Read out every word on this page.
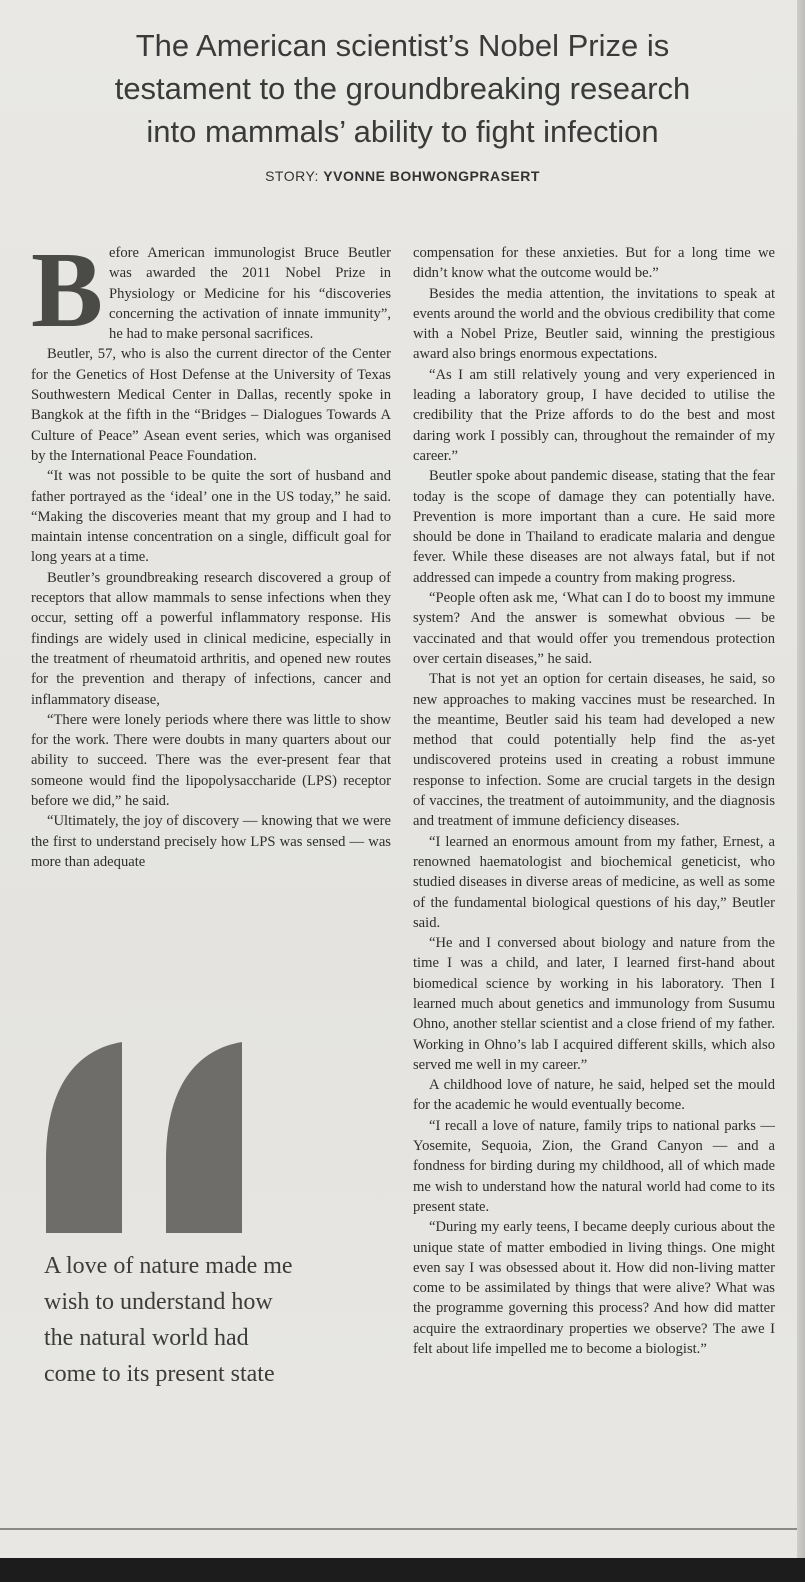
The American scientist’s Nobel Prize is
testament to the groundbreaking research
into mammals’ ability to fight infection
STORY: YVONNE BOHWONGPRASERT

Before American immunologist Bruce Beutler was awarded the 2011 Nobel Prize in Physiology or Medicine for his “discoveries concerning the activation of innate immunity”, he had to make personal sacrifices.

Beutler, 57, who is also the current director of the Center for the Genetics of Host Defense at the University of Texas Southwestern Medical Center in Dallas, recently spoke in Bangkok at the fifth in the “Bridges – Dialogues Towards A Culture of Peace” Asean event series, which was organised by the International Peace Foundation.

“It was not possible to be quite the sort of husband and father portrayed as the ‘ideal’ one in the US today,” he said. “Making the discoveries meant that my group and I had to maintain intense concentration on a single, difficult goal for long years at a time.

Beutler’s groundbreaking research discovered a group of receptors that allow mammals to sense infections when they occur, setting off a powerful inflammatory response. His findings are widely used in clinical medicine, especially in the treatment of rheumatoid arthritis, and opened new routes for the prevention and therapy of infections, cancer and inflammatory disease,

“There were lonely periods where there was little to show for the work. There were doubts in many quarters about our ability to succeed. There was the ever-present fear that someone would find the lipopolysaccharide (LPS) receptor before we did,” he said.

“Ultimately, the joy of discovery — knowing that we were the first to understand precisely how LPS was sensed — was more than adequate

A love of nature made me
wish to understand how
the natural world had
come to its present state

compensation for these anxieties. But for a long time we didn’t know what the outcome would be.”

Besides the media attention, the invitations to speak at events around the world and the obvious credibility that come with a Nobel Prize, Beutler said, winning the prestigious award also brings enormous expectations.

“As I am still relatively young and very experienced in leading a laboratory group, I have decided to utilise the credibility that the Prize affords to do the best and most daring work I possibly can, throughout the remainder of my career.”

Beutler spoke about pandemic disease, stating that the fear today is the scope of damage they can potentially have. Prevention is more important than a cure. He said more should be done in Thailand to eradicate malaria and dengue fever. While these diseases are not always fatal, but if not addressed can impede a country from making progress.

“People often ask me, ‘What can I do to boost my immune system? And the answer is somewhat obvious — be vaccinated and that would offer you tremendous protection over certain diseases,” he said.

That is not yet an option for certain diseases, he said, so new approaches to making vaccines must be researched. In the meantime, Beutler said his team had developed a new method that could potentially help find the as-yet undiscovered proteins used in creating a robust immune response to infection. Some are crucial targets in the design of vaccines, the treatment of autoimmunity, and the diagnosis and treatment of immune deficiency diseases.

“I learned an enormous amount from my father, Ernest, a renowned haematologist and biochemical geneticist, who studied diseases in diverse areas of medicine, as well as some of the fundamental biological questions of his day,” Beutler said.

“He and I conversed about biology and nature from the time I was a child, and later, I learned first-hand about biomedical science by working in his laboratory. Then I learned much about genetics and immunology from Susumu Ohno, another stellar scientist and a close friend of my father. Working in Ohno’s lab I acquired different skills, which also served me well in my career.”

A childhood love of nature, he said, helped set the mould for the academic he would eventually become.

“I recall a love of nature, family trips to national parks — Yosemite, Sequoia, Zion, the Grand Canyon — and a fondness for birding during my childhood, all of which made me wish to understand how the natural world had come to its present state.

“During my early teens, I became deeply curious about the unique state of matter embodied in living things. One might even say I was obsessed about it. How did non-living matter come to be assimilated by things that were alive? What was the programme governing this process? And how did matter acquire the extraordinary properties we observe? The awe I felt about life impelled me to become a biologist.”
